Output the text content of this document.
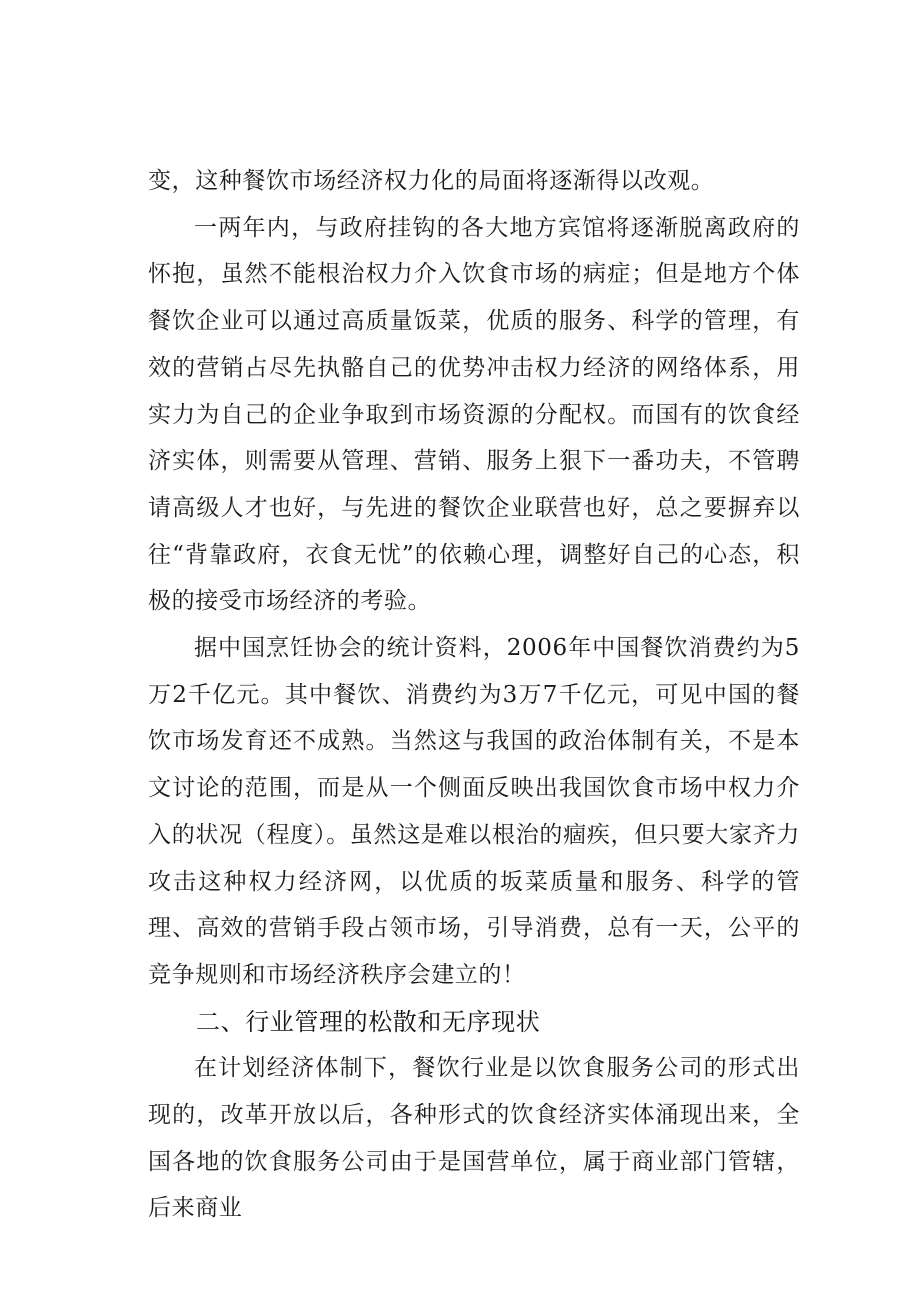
变，这种餐饮市场经济权力化的局面将逐渐得以改观。

一两年内，与政府挂钩的各大地方宾馆将逐渐脱离政府的怀抱，虽然不能根治权力介入饮食市场的病症；但是地方个体餐饮企业可以通过高质量饭菜，优质的服务、科学的管理，有效的营销占尽先执骼自己的优势冲击权力经济的网络体系，用实力为自己的企业争取到市场资源的分配权。而国有的饮食经济实体，则需要从管理、营销、服务上狠下一番功夫，不管聘请高级人才也好，与先进的餐饮企业联营也好，总之要摒弃以往“背靠政府，衣食无忧”的依赖心理，调整好自己的心态，积极的接受市场经济的考验。

据中国烹饪协会的统计资料，2006年中国餐饮消费约为5万2千亿元。其中餐饮、消费约为3万7千亿元，可见中国的餐饮市场发育还不成熟。当然这与我国的政治体制有关，不是本文讨论的范围，而是从一个侧面反映出我国饮食市场中权力介入的状况（程度）。虽然这是难以根治的痼疾，但只要大家齐力攻击这种权力经济网，以优质的坂菜质量和服务、科学的管理、高效的营销手段占领市场，引导消费，总有一天，公平的竞争规则和市场经济秩序会建立的！

二、行业管理的松散和无序现状

在计划经济体制下，餐饮行业是以饮食服务公司的形式出现的，改革开放以后，各种形式的饮食经济实体涌现出来，全国各地的饮食服务公司由于是国营单位，属于商业部门管辖，后来商业
